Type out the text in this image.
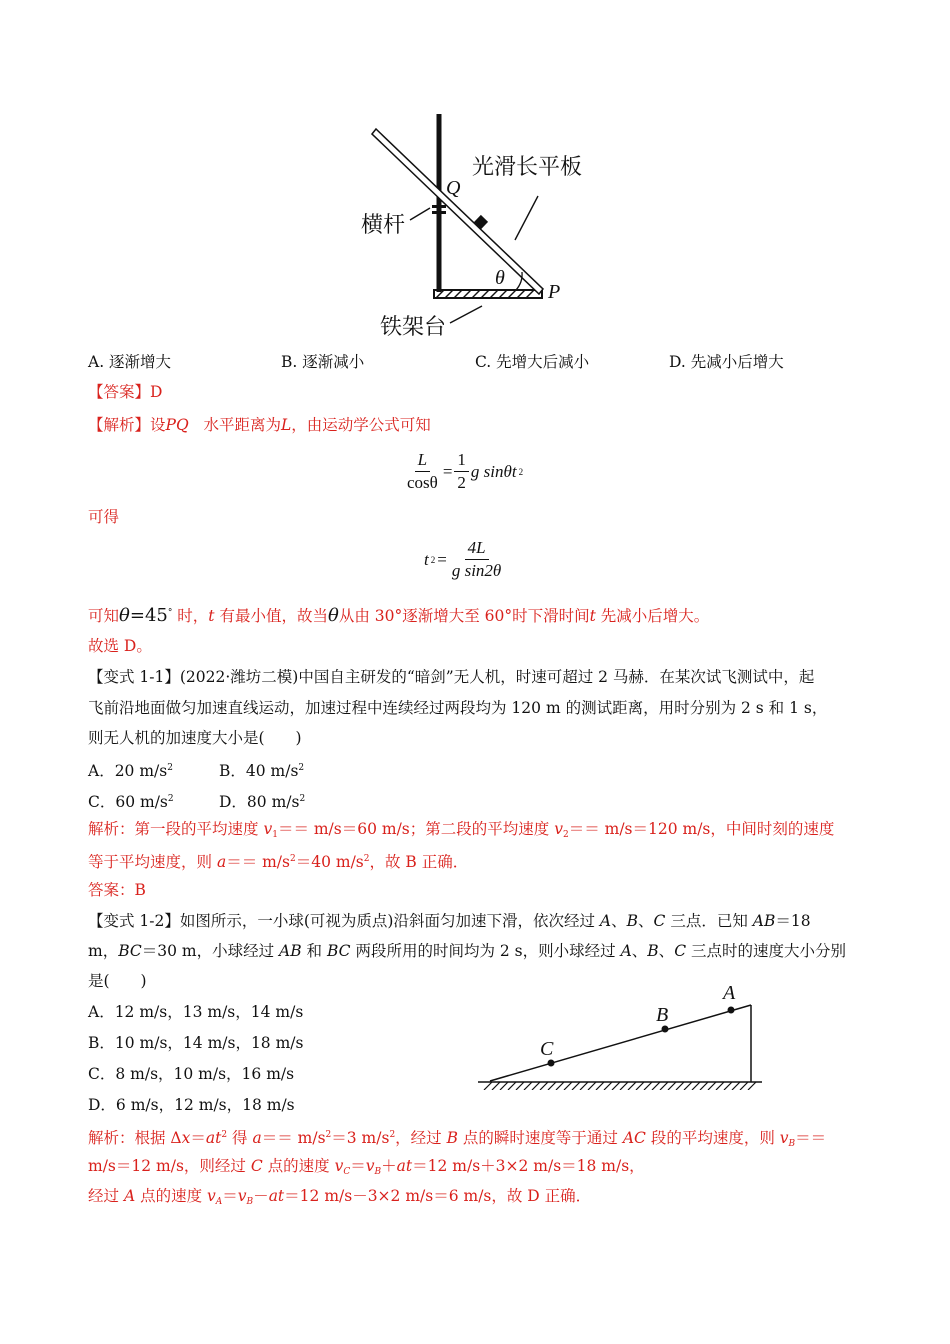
光滑长平板
Q
横杆
θ
P
铁架台
A. 逐渐增大	B. 逐渐减小	C. 先增大后减小	D. 先减小后增大
【答案】D
【解析】设PQ 水平距离为L，由运动学公式可知
$\frac{L}{\cos\theta} = \frac{1}{2}$ g sinθt 2
可得
t $2 = \frac{4L}{\text{g sin2θ}}$
可知θ=45° 时，t 有最小值，故当θ从由 30°逐渐增大至 60°时下滑时间t 先减小后增大。
故选 D。
【变式 1-1】(2022·潍坊二模)中国自主研发的“暗剑”无人机，时速可超过 2 马赫．在某次试飞测试中，起
飞前沿地面做匀加速直线运动，加速过程中连续经过两段均为 120 m 的测试距离，用时分别为 2 s 和 1 s，
则无人机的加速度大小是(　　)
A．20 $m/s^2$	B．40 $m/s^2$
C．60 $m/s^2$	D．80 $m/s^2$
解析：第一段的平均速度 $v_1== m/s=60$ m/s；第二段的平均速度 $v_2== m/s=120$ m/s，中间时刻的速度
等于平均速度，则 $a== m/s^2=40$ $m/s^2$，故 B 正确．
答案：B
【变式 1-2】如图所示，一小球(可视为质点)沿斜面匀加速下滑，依次经过 A、B、C 三点．已知 AB＝18
m，BC＝30 m，小球经过 AB 和 BC 两段所用的时间均为 2 s，则小球经过 A、B、C 三点时的速度大小分别
是(　　)
A．12 m/s，13 m/s，14 m/s
B．10 m/s，14 m/s，18 m/s
C．8 m/s，10 m/s，16 m/s
D．6 m/s，12 m/s，18 m/s
A
B
C
解析：根据 $\Delta x=at^2$ 得 $a== m/s^2=3$ $m/s^2$，经过 B 点的瞬时速度等于通过 AC 段的平均速度，则 $v_B==$
m/s＝12 m/s，则经过 C 点的速度 $v_C=v_B+at=12$ m/s＋3×2 m/s＝18 m/s，
经过 A 点的速度 $v_A=v_B-at=12$ m/s－3×2 m/s＝6 m/s，故 D 正确．
